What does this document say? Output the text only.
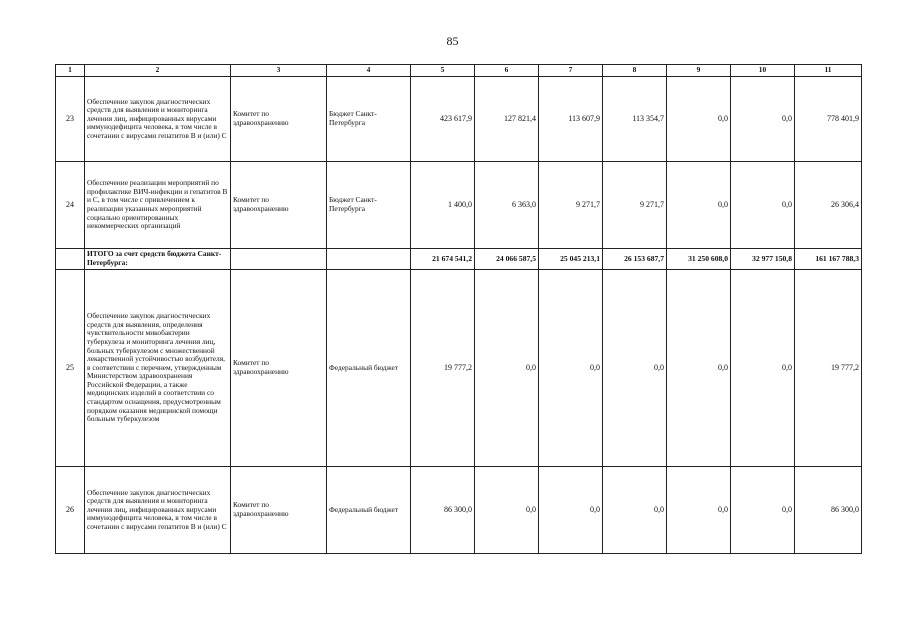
85
1	2	3	4	5	6	7	8	9	10	11
23	Обеспечение закупок диагностических средств для выявления и мониторинга лечения лиц, инфицированных вирусами иммунодефицита человека, в том числе в сочетании с вирусами гепатитов B и (или) C	Комитет по здравоохранению	Бюджет Санкт-Петербурга	423 617,9	127 821,4	113 607,9	113 354,7	0,0	0,0	778 401,9
24	Обеспечение реализации мероприятий по профилактике ВИЧ-инфекции и гепатитов B и C, в том числе с привлечением к реализации указанных мероприятий социально ориентированных некоммерческих организаций	Комитет по здравоохранению	Бюджет Санкт-Петербурга	1 400,0	6 363,0	9 271,7	9 271,7	0,0	0,0	26 306,4
	ИТОГО за счет средств бюджета Санкт-Петербурга:			21 674 541,2	24 066 587,5	25 045 213,1	26 153 687,7	31 250 608,0	32 977 150,8	161 167 788,3
25	Обеспечение закупок диагностических средств для выявления, определения чувствительности микобактерии туберкулеза и мониторинга лечения лиц, больных туберкулезом с множественной лекарственной устойчивостью возбудителя, в соответствии с перечнем, утвержденным Министерством здравоохранения Российской Федерации, а также медицинских изделий в соответствии со стандартом оснащения, предусмотренным порядком оказания медицинской помощи больным туберкулезом	Комитет по здравоохранению	Федеральный бюджет	19 777,2	0,0	0,0	0,0	0,0	0,0	19 777,2
26	Обеспечение закупок диагностических средств для выявления и мониторинга лечения лиц, инфицированных вирусами иммунодефицита человека, в том числе в сочетании с вирусами гепатитов B и (или) C	Комитет по здравоохранению	Федеральный бюджет	86 300,0	0,0	0,0	0,0	0,0	0,0	86 300,0
